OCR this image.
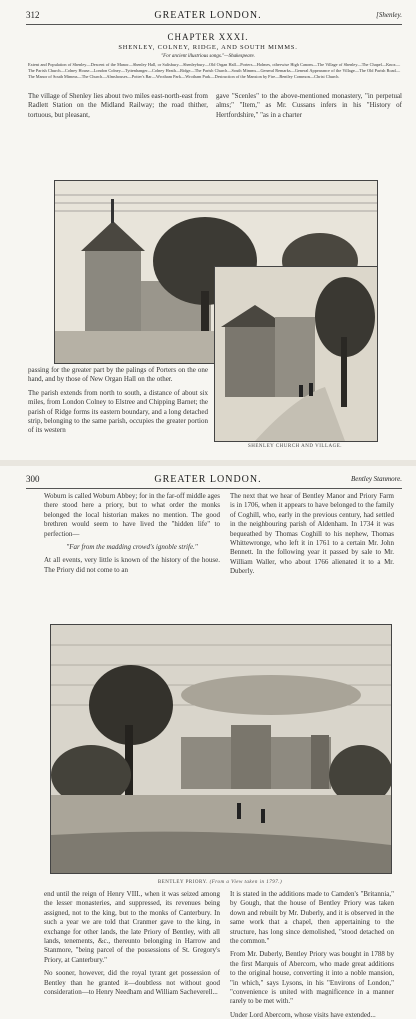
312	GREATER LONDON.	[Shenley.
CHAPTER XXXI.
SHENLEY, COLNEY, RIDGE, AND SOUTH MIMMS.
"For ancient illustrious songs."—Shakespeare.
Extent and Population of Shenley—Descent of the Manor—Shenley Hall, or Salisbury—Shenleybury—Old Organ Hall—Porters—Holmes, otherwise High Canons—The Village of Shenley—The Chapel—Knox—The Parish Church—Colney House—London Colney—Tyttenhanger—Colney Heath—Ridge—The Parish Church—South Mimms—General Remarks—General Appearance of the Village—The Old Parish Road—The Manor of South Mimms—The Church—Almshouses—Potter's Bar—Wrotham Park—Wrotham Park—Destruction of the Mansion by Fire—Bentley Common—Christ Church.
The village of Shenley lies about two miles east-north-east from Radlett Station on the Midland Railway; the road thither, tortuous, but pleasant,
gave "Scenles" to the above-mentioned monastery, "in perpetual alms;" "Item," as Mr. Cussans infers in his "History of Hertfordshire," "as in a charter
SHENLEY CHURCH AND VILLAGE.

passing for the greater part by the palings of Porters on the one hand, and by those of New Organ Hall on the other.

The parish extends from north to south, a distance of about six miles, from London Colney to Elstree and Chipping Barnet; the parish of Ridge forms its eastern boundary, and a long detached strip, belonging to the same parish, occupies the greater portion of its western

300	GREATER LONDON.	Bentley Stanmore.

Woburn is called Woburn Abbey; for in the far-off middle ages there stood here a priory, but to what order the monks belonged the local historian makes no mention. The good brethren would seem to have lived the "hidden life" to perfection—

"Far from the madding crowd's ignoble strife."

At all events, very little is known of the history of the house. The Priory did not come to an

The next that we hear of Bentley Manor and Priory Farm is in 1706, when it appears to have belonged to the family of Coghill, who, early in the previous century, had settled in the neighbouring parish of Aldenham. In 1734 it was bequeathed by Thomas Coghill to his nephew, Thomas Whittewronge, who left it in 1761 to a certain Mr. John Bennett. In the following year it passed by sale to Mr. William Waller, who about 1766 alienated it to a Mr. Duberly.
BENTLEY PRIORY. (From a View taken in 1797.)

end until the reign of Henry VIII., when it was seized among the lesser monasteries, and suppressed, its revenues being assigned, not to the king, but to the monks of Canterbury. In such a year we are told that Cranmer gave to the king, in exchange for other lands, the late Priory of Bentley, with all lands, tenements, &c., thereunto belonging in Harrow and Stanmore, "being parcel of the possessions of St. Gregory's Priory, at Canterbury."

No sooner, however, did the royal tyrant get possession of Bentley than he granted it—doubtless not without good consideration—to Henry Needham and William Sacheverell...

It is stated in the additions made to Camden's "Britannia," by Gough, that the house of Bentley Priory was taken down and rebuilt by Mr. Duberly, and it is observed in the same work that a chapel, then appertaining to the structure, has long since demolished, "stood detached on the common."

From Mr. Duberly, Bentley Priory was bought in 1788 by the first Marquis of Abercorn, who made great additions to the original house, converting it into a noble mansion, "in which," says Lysons, in his "Environs of London," "convenience is united with magnificence in a manner rarely to be met with."

Under Lord Abercorn, whose visits have extended...
